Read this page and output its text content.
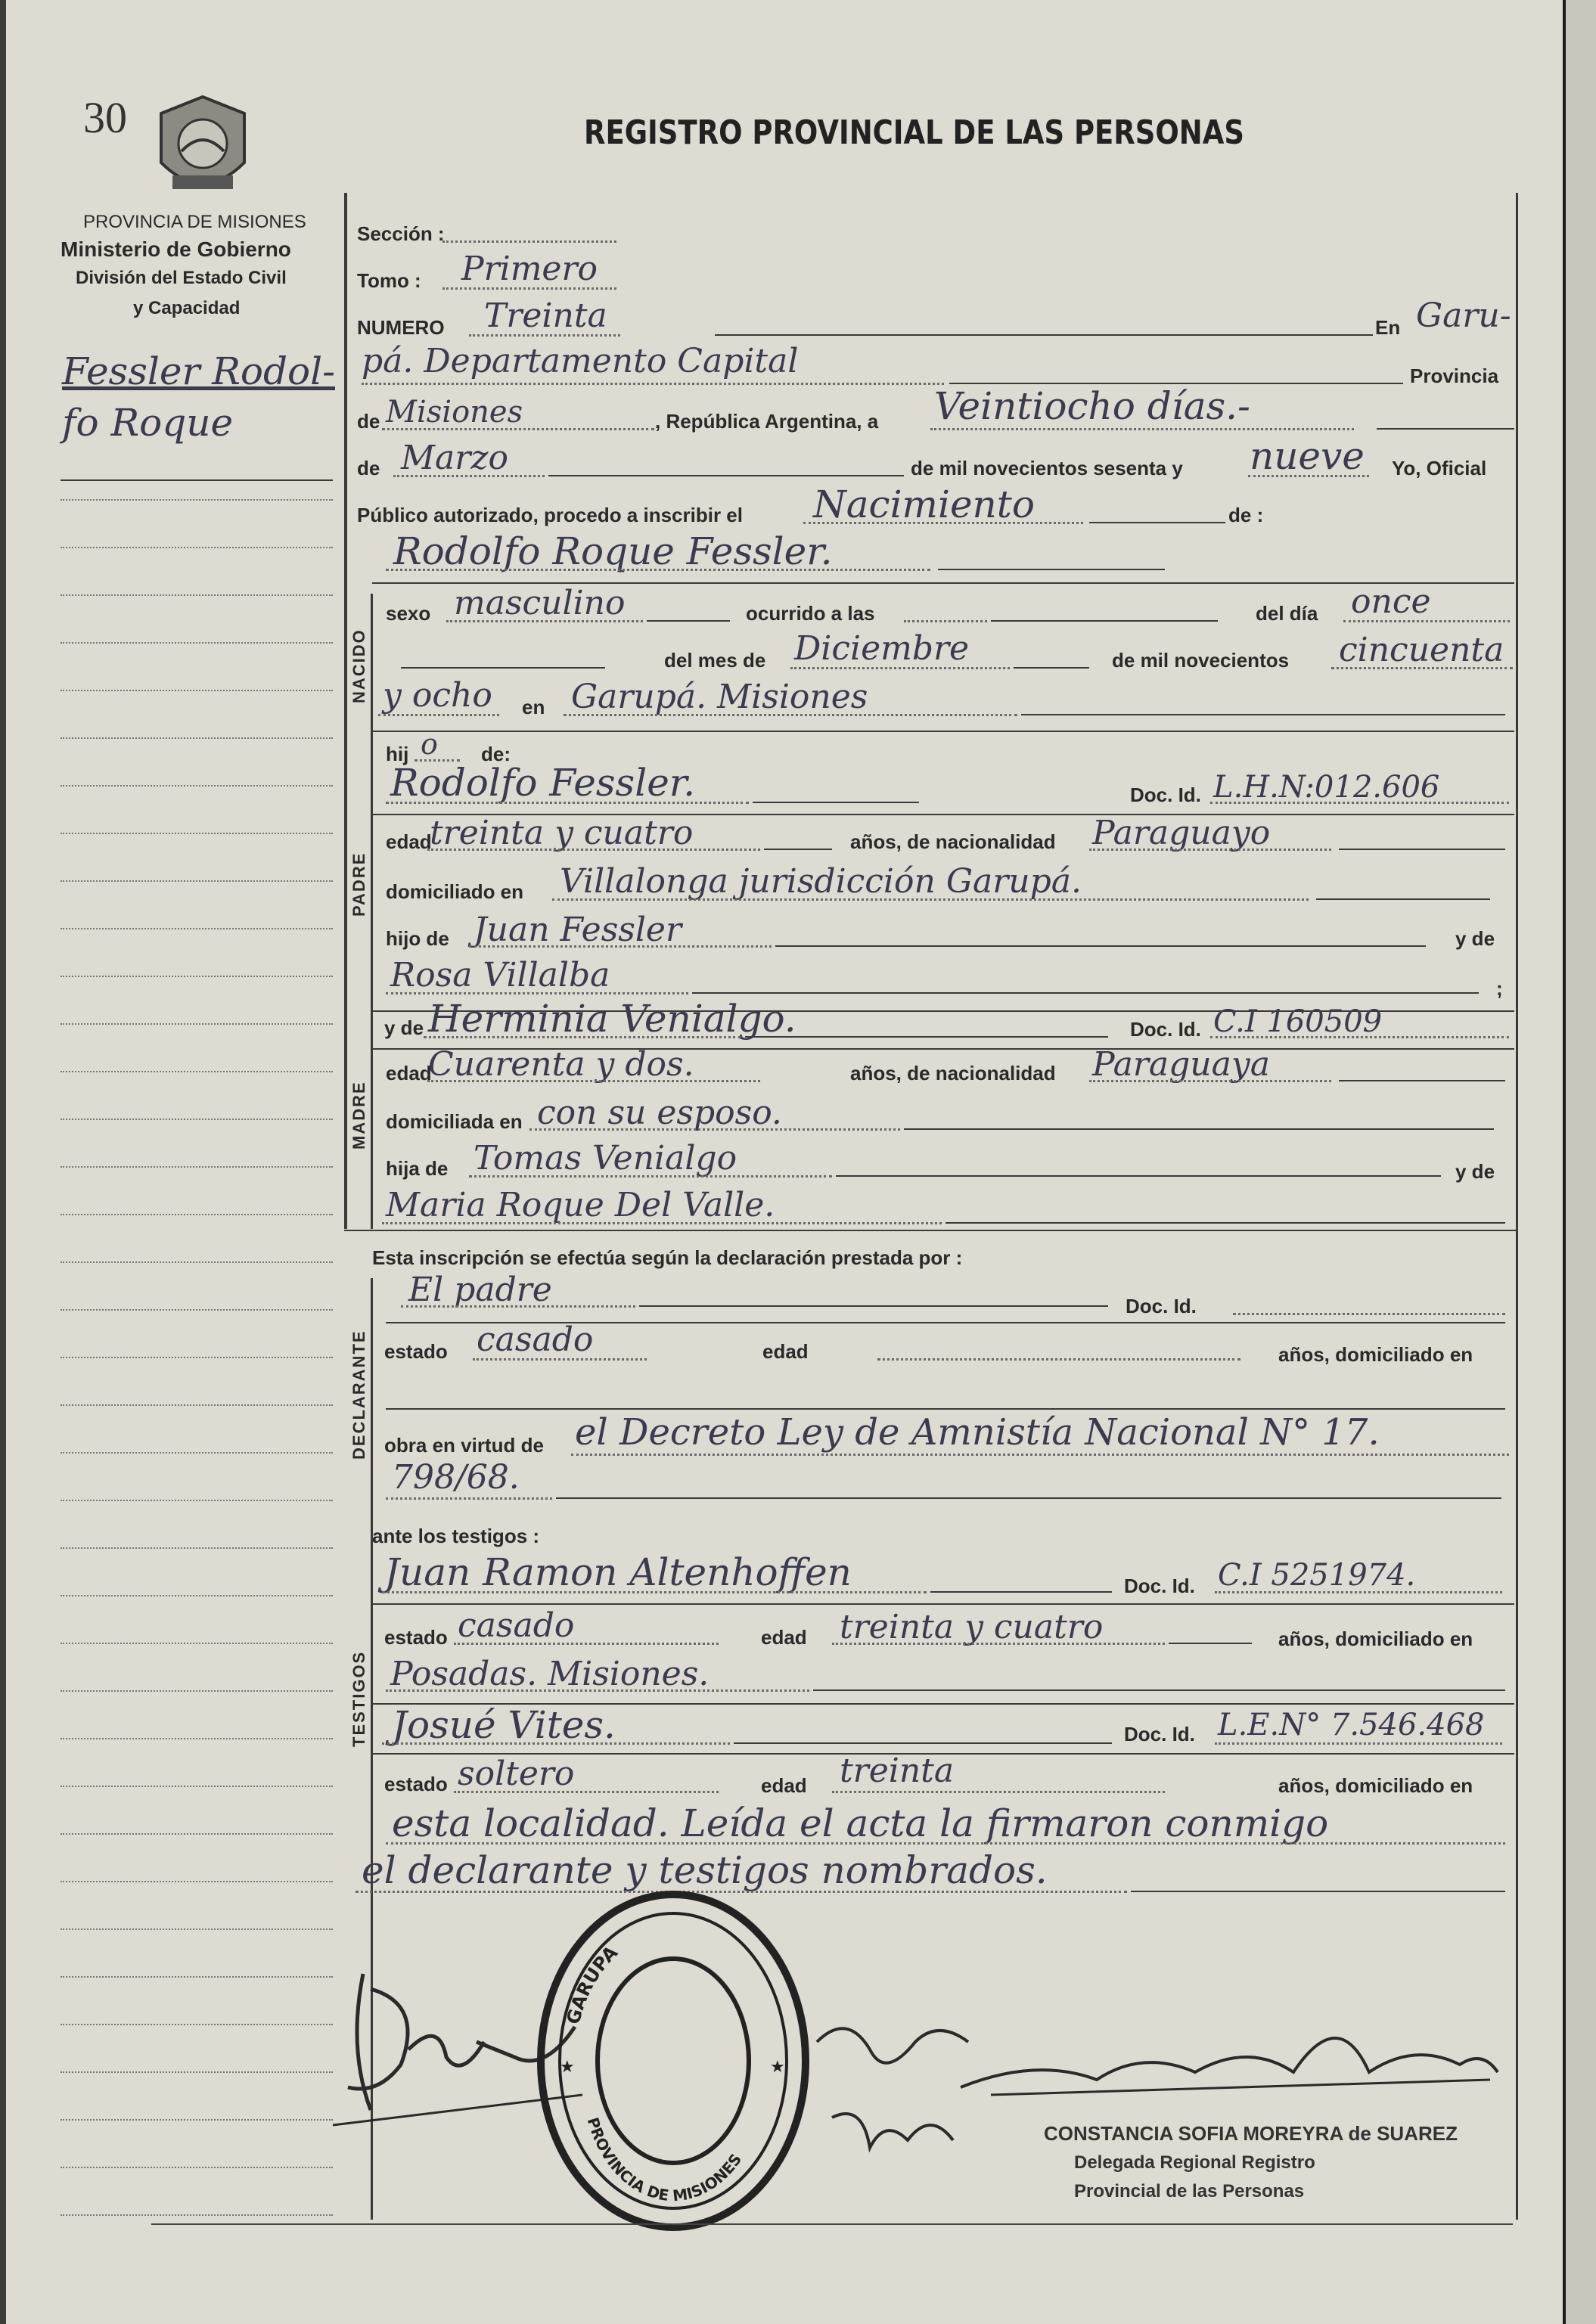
30	REGISTRO PROVINCIAL DE LAS PERSONAS
PROVINCIA DE MISIONES
Ministerio de Gobierno
División del Estado Civil
y Capacidad
Fessler Rodol-
fo Roque
Sección :
Tomo : Primero
NUMERO Treinta	En Garu-
pá. Departamento Capital	Provincia
de Misiones	, República Argentina, a Veintiocho días.-
de Marzo	de mil novecientos sesenta y nueve Yo, Oficial
Público autorizado, procedo a inscribir el Nacimiento	de :
Rodolfo Roque Fessler.
NACIDO
sexo masculino	ocurrido a las	del día once
del mes de Diciembre	de mil novecientos cincuenta
y ocho en Garupá. Misiones
hij o de:
PADRE
Rodolfo Fessler.	Doc. Id. L.H.N:012.606
edad
treinta y cuatro	años, de nacionalidad Paraguayo
domiciliado en Villalonga jurisdicción Garupá.
hijo de Juan Fessler	y de
Rosa Villalba	;
MADRE
y de Herminia Venialgo.	Doc. Id. C.I 160509
edad
Cuarenta y dos.	años, de nacionalidad Paraguaya
domiciliada en con su esposo.
hija de Tomas Venialgo	y de
Maria Roque Del Valle.
Esta inscripción se efectúa según la declaración prestada por :
DECLARANTE
El padre	Doc. Id.
estado casado	edad	años, domiciliado en
obra en virtud de el Decreto Ley de Amnistía Nacional N° 17.
798/68.
ante los testigos :
TESTIGOS
Juan Ramon Altenhoffen	Doc. Id. C.I 5251974.
estado casado	edad treinta y cuatro	años, domiciliado en
Posadas. Misiones.
Josué Vites.	Doc. Id. L.E.N° 7.546.468
estado soltero	edad treinta	años, domiciliado en
esta localidad. Leída el acta la firmaron conmigo
el declarante y testigos nombrados.
GARUPA
PROVINCIA DE MISIONES
★	★
CONSTANCIA SOFIA MOREYRA de SUAREZ
Delegada Regional Registro
Provincial de las Personas
